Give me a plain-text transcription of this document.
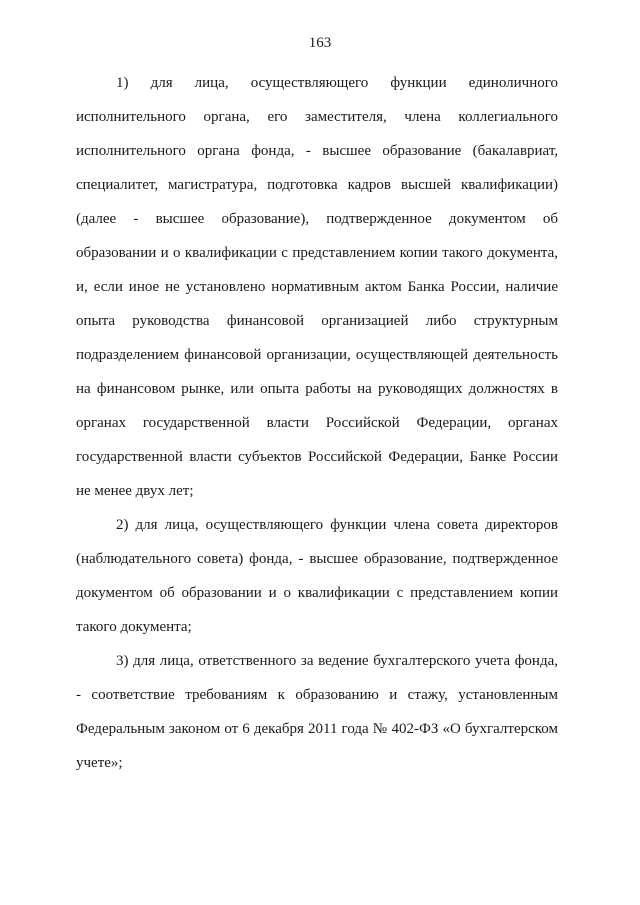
163

1) для лица, осуществляющего функции единоличного исполнительного органа, его заместителя, члена коллегиального исполнительного органа фонда, - высшее образование (бакалавриат, специалитет, магистратура, подготовка кадров высшей квалификации) (далее - высшее образование), подтвержденное документом об образовании и о квалификации с представлением копии такого документа, и, если иное не установлено нормативным актом Банка России, наличие опыта руководства финансовой организацией либо структурным подразделением финансовой организации, осуществляющей деятельность на финансовом рынке, или опыта работы на руководящих должностях в органах государственной власти Российской Федерации, органах государственной власти субъектов Российской Федерации, Банке России не менее двух лет;

2) для лица, осуществляющего функции члена совета директоров (наблюдательного совета) фонда, - высшее образование, подтвержденное документом об образовании и о квалификации с представлением копии такого документа;

3) для лица, ответственного за ведение бухгалтерского учета фонда, - соответствие требованиям к образованию и стажу, установленным Федеральным законом от 6 декабря 2011 года № 402-ФЗ «О бухгалтерском учете»;
